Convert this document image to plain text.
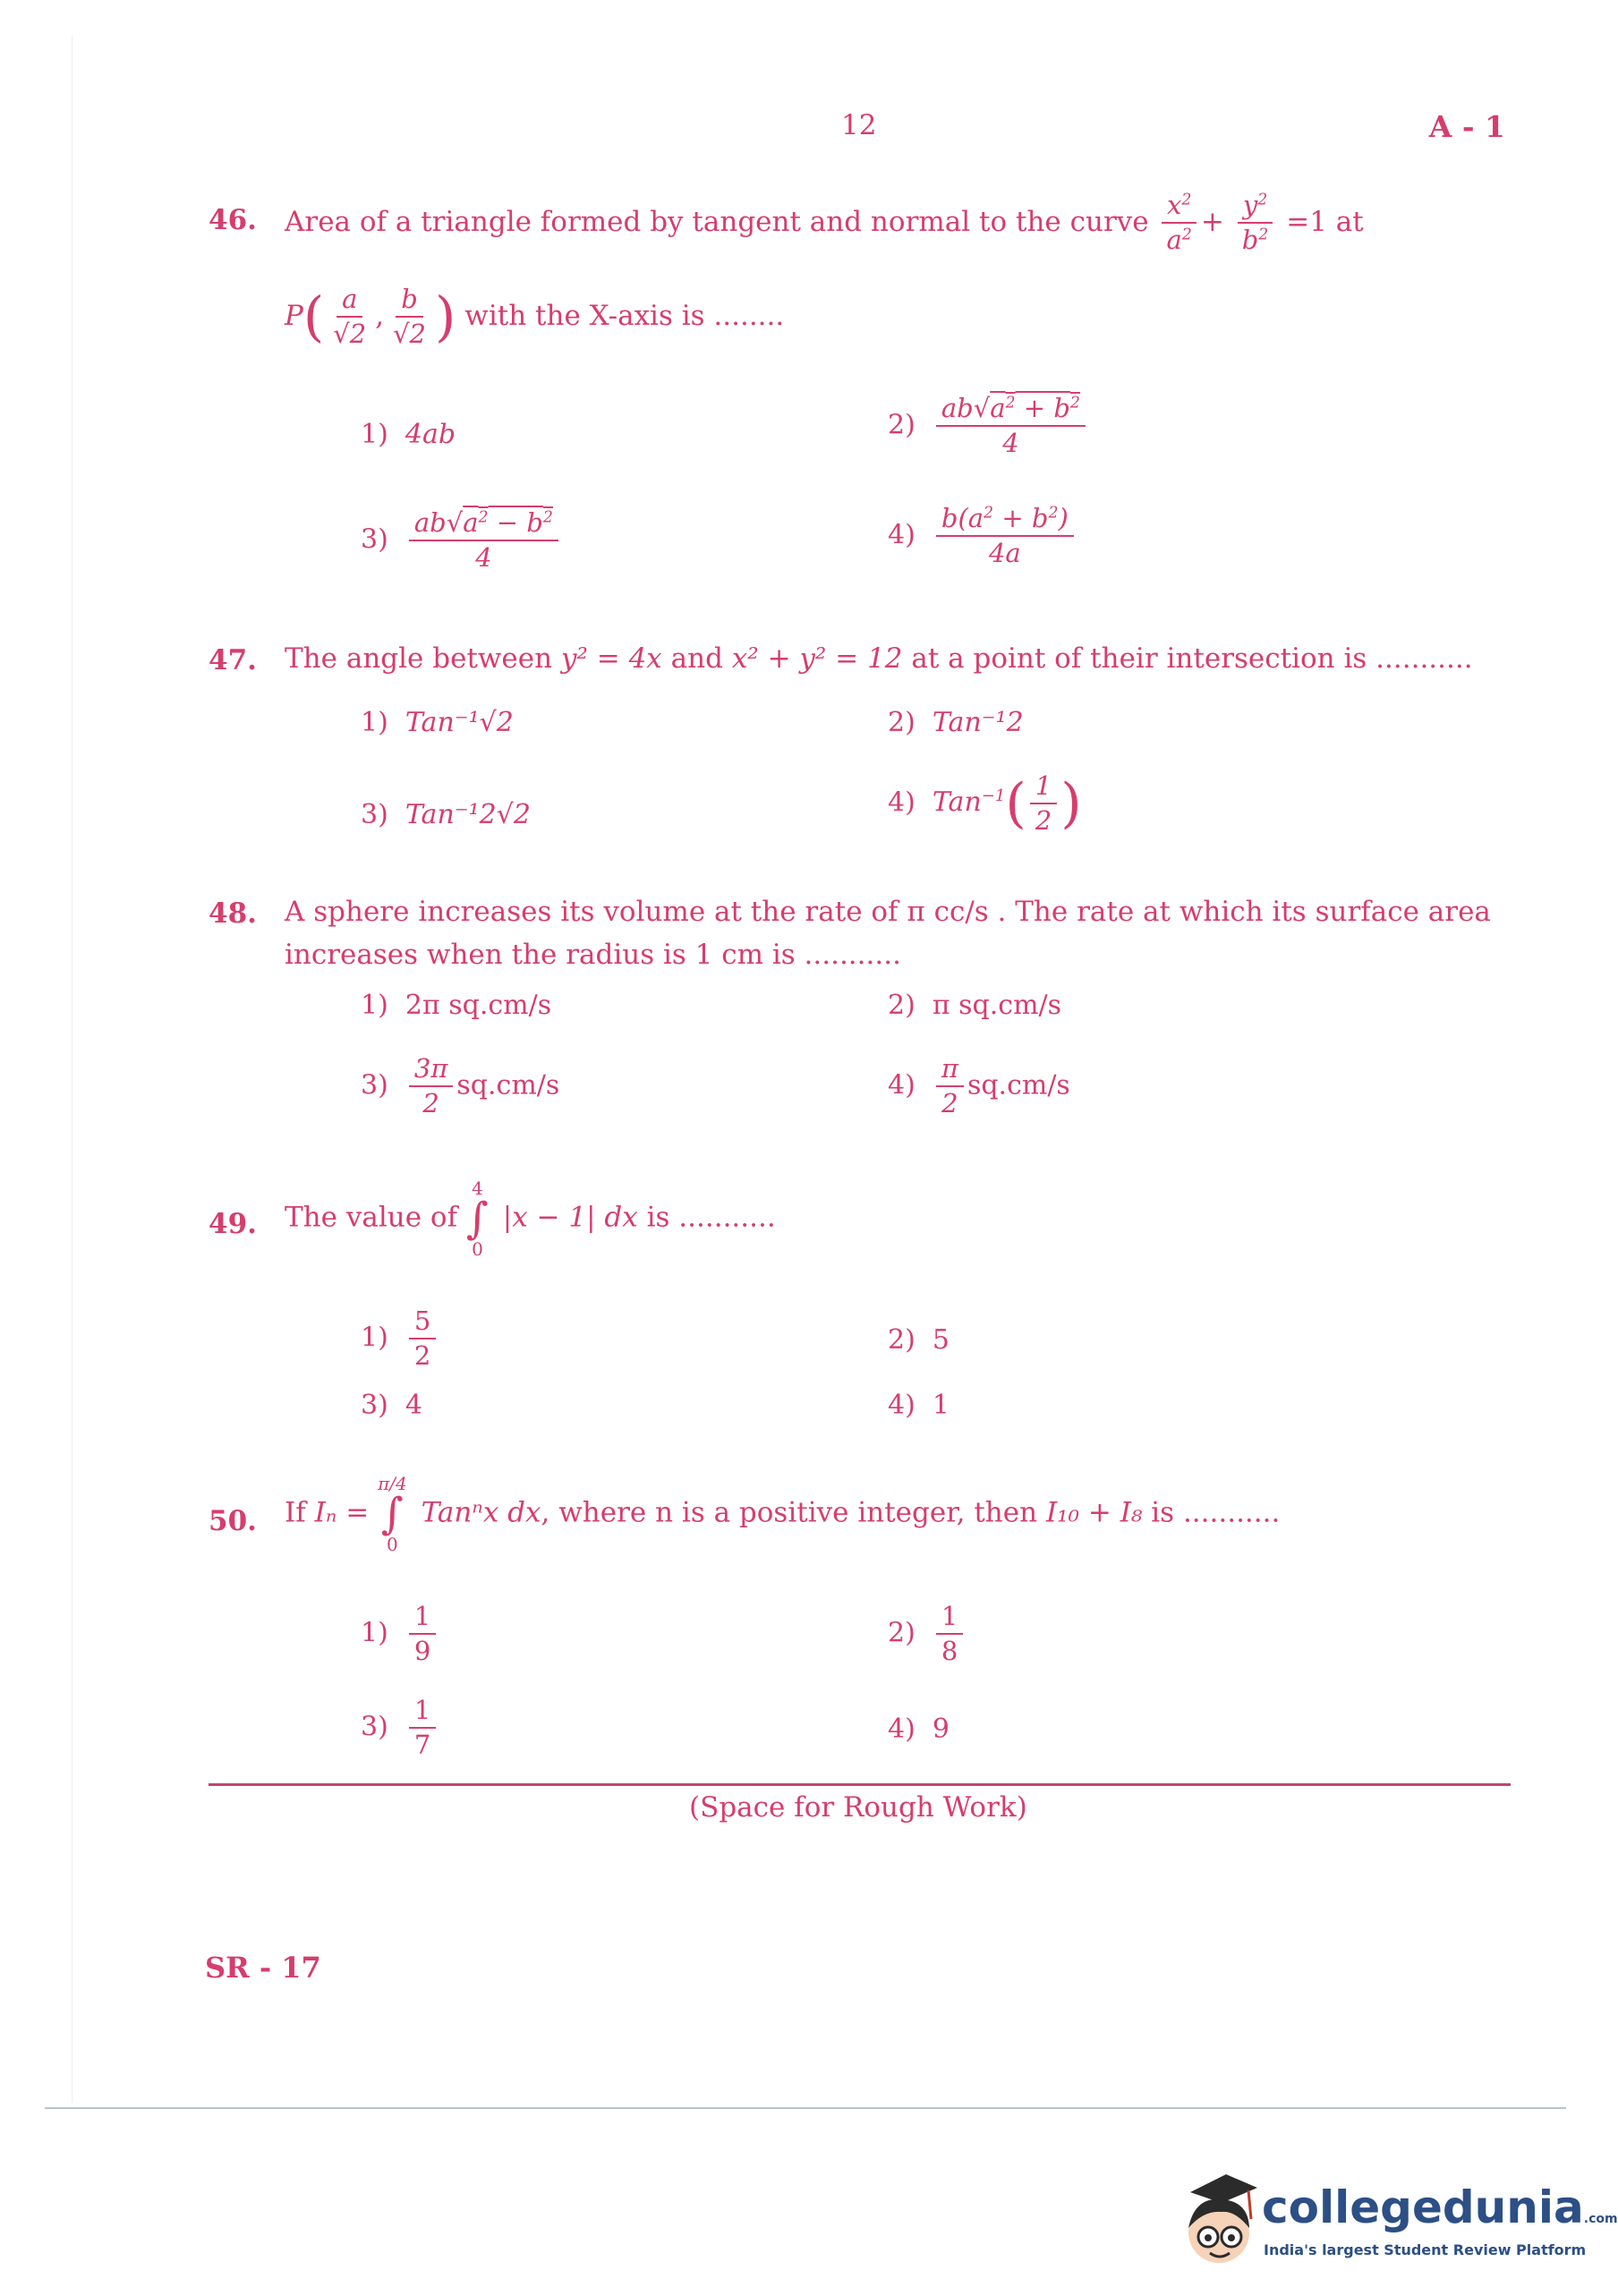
12	A - 1
46. Area of a triangle formed by tangent and normal to the curve $\frac{x^2}{a^2} + \frac{y^2}{b^2} =1$ at
$P( \frac{a}{√2}$ , $\frac{b}{√2}$ ) with the X-axis is ........
1) 4ab	$2) \frac{ab√a^2 + b^2}{4}$
$3) \frac{ab√a^2 - b^2}{4}$	$4) \frac{b(a^2 + b^2)}{4a}$
47. The angle between y² = 4x and x² + y² = 12 at a point of their intersection is ...........
1) Tan⁻¹√2	2) Tan⁻¹2
3) Tan⁻¹2√2	4) $Tan^{-1}( \frac{1}{2}$ )
48. A sphere increases its volume at the rate of π cc/s . The rate at which its surface area
increases when the radius is 1 cm is ...........
1) 2π sq.cm/s	2) π sq.cm/s
$3) \frac{3\pi}{2} sq.cm/s$	$4) \frac{\pi}{2} sq.cm/s$
49. The value of
4
∫
0
|x − 1| dx is ...........
$1) \frac{5}{2}$	2) 5
3) 4	4) 1
50. If Iₙ =
π/4
∫
0
Tanⁿx dx, where n is a positive integer, then I₁₀ + I₈ is ...........
$1) \frac{1}{9}$	$2) \frac{1}{8}$
$3) \frac{1}{7}$	4) 9
(Space for Rough Work)
SR - 17
collegedunia.com
India's largest Student Review Platform
